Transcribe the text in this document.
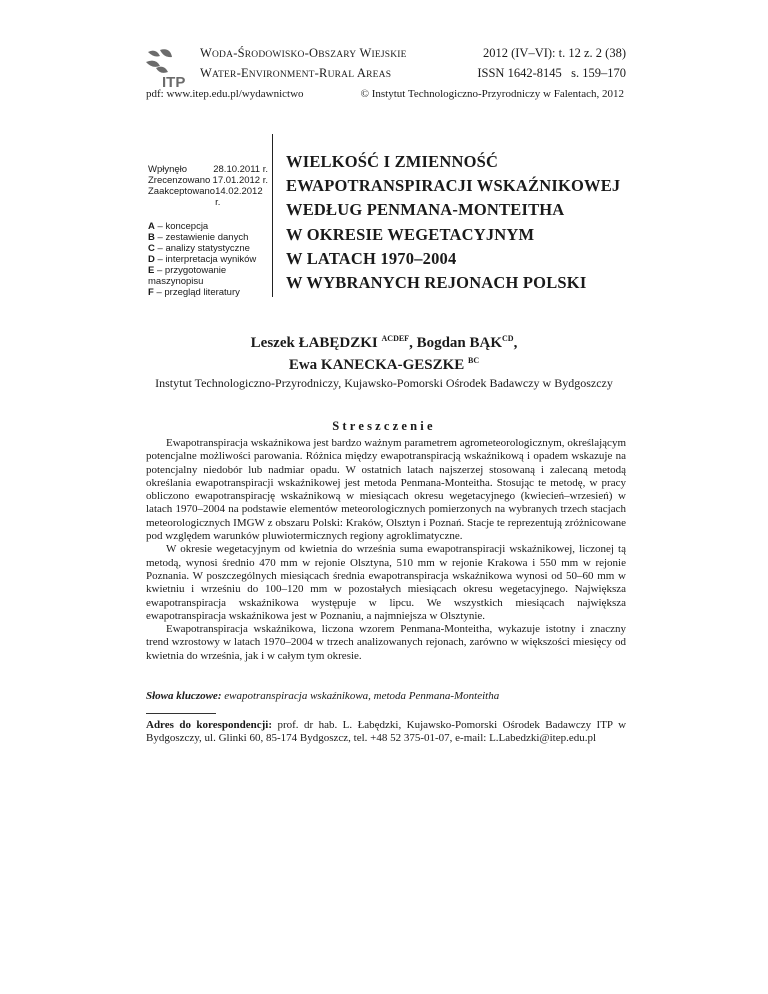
ITP
WODA-ŚRODOWISKO-OBSZARY WIEJSKIE
WATER-ENVIRONMENT-RURAL AREAS
2012 (IV–VI): t. 12 z. 2 (38)
ISSN 1642-8145 s. 159–170
pdf: www.itep.edu.pl/wydawnictwo	© Instytut Technologiczno-Przyrodniczy w Falentach, 2012
Wpłynęło	28.10.2011 r.
Zrecenzowano 17.01.2012 r.
Zaakceptowano 14.02.2012 r.
A – koncepcja
B – zestawienie danych
C – analizy statystyczne
D – interpretacja wyników
E – przygotowanie maszynopisu
F – przegląd literatury
WIELKOŚĆ I ZMIENNOŚĆ
EWAPOTRANSPIRACJI WSKAŹNIKOWEJ
WEDŁUG PENMANA-MONTEITHA
W OKRESIE WEGETACYJNYM
W LATACH 1970–2004
W WYBRANYCH REJONACH POLSKI
Leszek ŁABĘDZKI $^{ACDEF}$, Bogdan $BĄK^{CD}$,
Ewa KANECKA-GESZKE $^{BC}$
Instytut Technologiczno-Przyrodniczy, Kujawsko-Pomorski Ośrodek Badawczy w Bydgoszczy
Streszczenie

Ewapotranspiracja wskaźnikowa jest bardzo ważnym parametrem agrometeorologicznym, określającym potencjalne możliwości parowania. Różnica między ewapotranspiracją wskaźnikową i opadem wskazuje na potencjalny niedobór lub nadmiar opadu. W ostatnich latach najszerzej stosowaną i zalecaną metodą określania ewapotranspiracji wskaźnikowej jest metoda Penmana-Monteitha. Stosując te metodę, w pracy obliczono ewapotranspirację wskaźnikową w miesiącach okresu wegetacyjnego (kwiecień–wrzesień) w latach 1970–2004 na podstawie elementów meteorologicznych pomierzonych na wybranych trzech stacjach meteorologicznych IMGW z obszaru Polski: Kraków, Olsztyn i Poznań. Stacje te reprezentują zróżnicowane pod względem warunków pluwiotermicznych regiony agroklimatyczne.

W okresie wegetacyjnym od kwietnia do września suma ewapotranspiracji wskaźnikowej, liczonej tą metodą, wynosi średnio 470 mm w rejonie Olsztyna, 510 mm w rejonie Krakowa i 550 mm w rejonie Poznania. W poszczególnych miesiącach średnia ewapotranspiracja wskaźnikowa wynosi od 50–60 mm w kwietniu i wrześniu do 100–120 mm w pozostałych miesiącach okresu wegetacyjnego. Największa ewapotranspiracja wskaźnikowa występuje w lipcu. We wszystkich miesiącach największa ewapotranspiracja wskaźnikowa jest w Poznaniu, a najmniejsza w Olsztynie.

Ewapotranspiracja wskaźnikowa, liczona wzorem Penmana-Monteitha, wykazuje istotny i znaczny trend wzrostowy w latach 1970–2004 w trzech analizowanych rejonach, zarówno w większości miesięcy od kwietnia do września, jak i w całym tym okresie.

Słowa kluczowe: ewapotranspiracja wskaźnikowa, metoda Penmana-Monteitha
Adres do korespondencji: prof. dr hab. L. Łabędzki, Kujawsko-Pomorski Ośrodek Badawczy ITP w Bydgoszczy, ul. Glinki 60, 85-174 Bydgoszcz, tel. +48 52 375-01-07, e-mail: L.Labedzki@itep.edu.pl
